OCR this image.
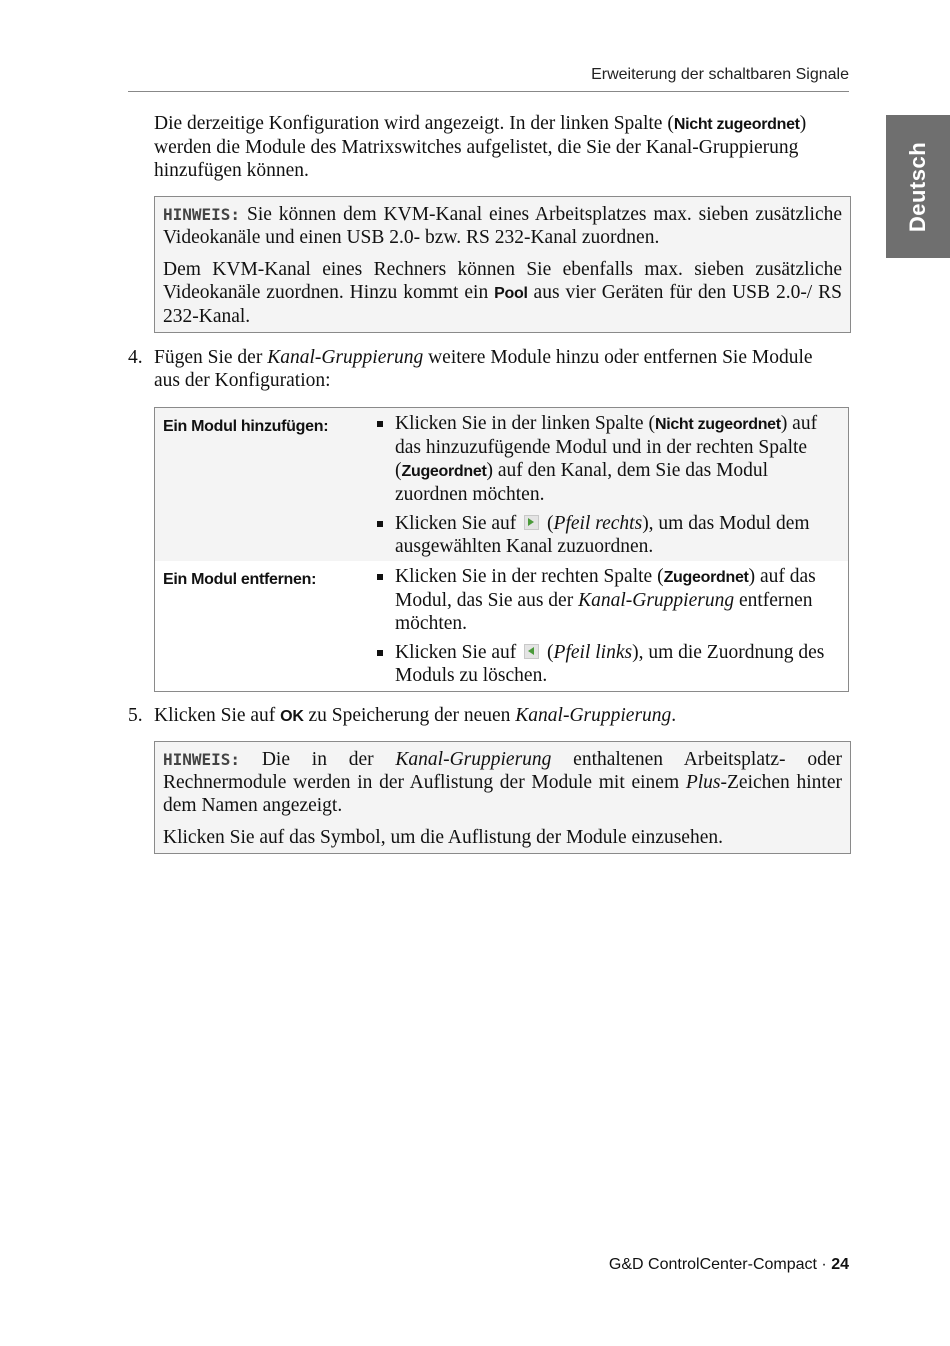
Erweiterung der schaltbaren Signale
Deutsch
Die derzeitige Konfiguration wird angezeigt. In der linken Spalte (Nicht zugeordnet) werden die Module des Matrixswitches aufgelistet, die Sie der Kanal-Gruppierung hinzufügen können.

HINWEIS: Sie können dem KVM-Kanal eines Arbeitsplatzes max. sieben zusätzliche Videokanäle und einen USB 2.0- bzw. RS 232-Kanal zuordnen.

Dem KVM-Kanal eines Rechners können Sie ebenfalls max. sieben zusätzliche Videokanäle zuordnen. Hinzu kommt ein Pool aus vier Geräten für den USB 2.0-/ RS 232-Kanal.

4. Fügen Sie der Kanal-Gruppierung weitere Module hinzu oder entfernen Sie Module aus der Konfiguration:
Ein Modul hinzufügen:	Klicken Sie in der linken Spalte (Nicht zugeordnet) auf das hinzuzufügende Modul und in der rechten Spalte (Zugeordnet) auf den Kanal, dem Sie das Modul zuordnen möchten.
Klicken Sie auf  (Pfeil rechts), um das Modul dem ausgewählten Kanal zuzuordnen.
Ein Modul entfernen:	Klicken Sie in der rechten Spalte (Zugeordnet) auf das Modul, das Sie aus der Kanal-Gruppierung entfernen möchten.
Klicken Sie auf  (Pfeil links), um die Zuordnung des Moduls zu löschen.
5. Klicken Sie auf OK zu Speicherung der neuen Kanal-Gruppierung.

HINWEIS: Die in der Kanal-Gruppierung enthaltenen Arbeitsplatz- oder Rechnermodule werden in der Auflistung der Module mit einem Plus-Zeichen hinter dem Namen angezeigt.

Klicken Sie auf das Symbol, um die Auflistung der Module einzusehen.

G&D ControlCenter-Compact · 24
